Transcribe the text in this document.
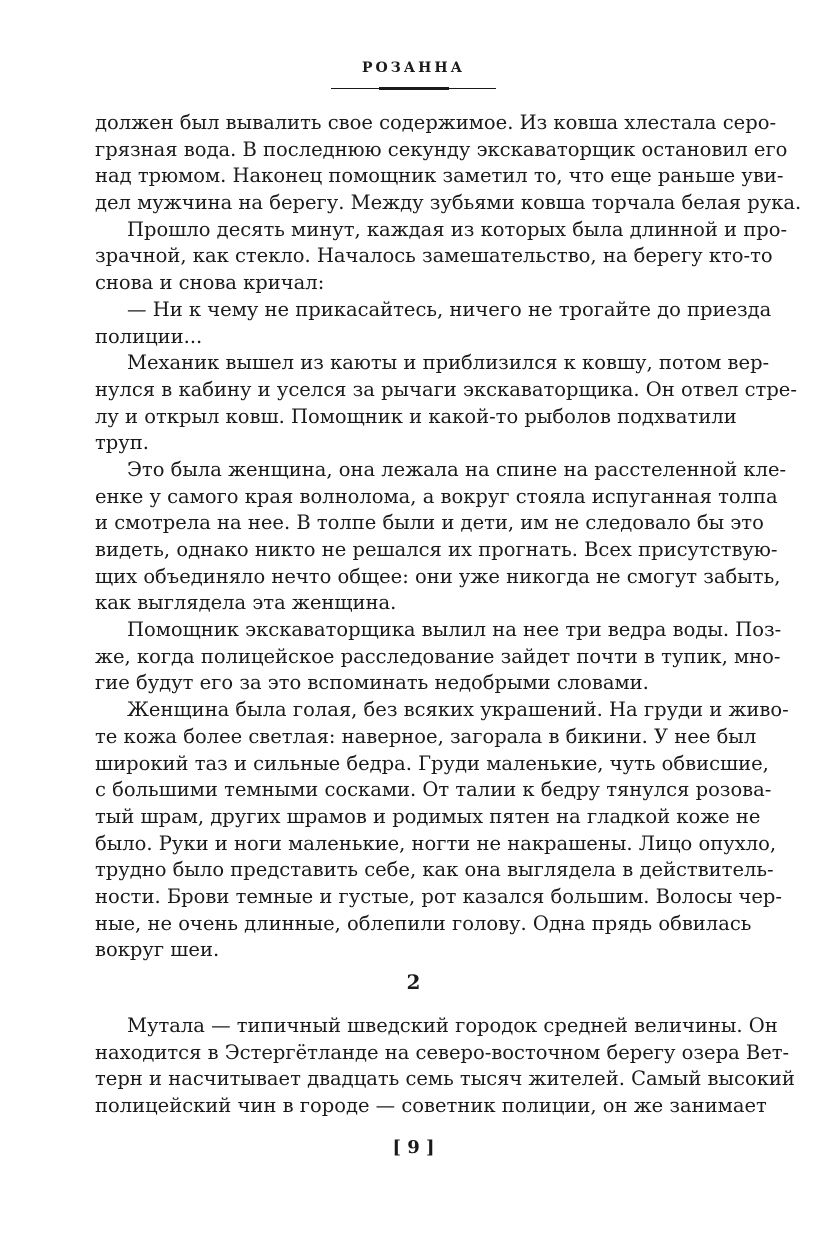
РОЗАННА
должен был вывалить свое содержимое. Из ковша хлестала серо-
грязная вода. В последнюю секунду экскаваторщик остановил его
над трюмом. Наконец помощник заметил то, что еще раньше уви-
дел мужчина на берегу. Между зубьями ковша торчала белая рука.
Прошло десять минут, каждая из которых была длинной и про-
зрачной, как стекло. Началось замешательство, на берегу кто-то
снова и снова кричал:
— Ни к чему не прикасайтесь, ничего не трогайте до приезда
полиции...
Механик вышел из каюты и приблизился к ковшу, потом вер-
нулся в кабину и уселся за рычаги экскаваторщика. Он отвел стре-
лу и открыл ковш. Помощник и какой-то рыболов подхватили
труп.
Это была женщина, она лежала на спине на расстеленной кле-
енке у самого края волнолома, а вокруг стояла испуганная толпа
и смотрела на нее. В толпе были и дети, им не следовало бы это
видеть, однако никто не решался их прогнать. Всех присутствую-
щих объединяло нечто общее: они уже никогда не смогут забыть,
как выглядела эта женщина.
Помощник экскаваторщика вылил на нее три ведра воды. Поз-
же, когда полицейское расследование зайдет почти в тупик, мно-
гие будут его за это вспоминать недобрыми словами.
Женщина была голая, без всяких украшений. На груди и живо-
те кожа более светлая: наверное, загорала в бикини. У нее был
широкий таз и сильные бедра. Груди маленькие, чуть обвисшие,
с большими темными сосками. От талии к бедру тянулся розова-
тый шрам, других шрамов и родимых пятен на гладкой коже не
было. Руки и ноги маленькие, ногти не накрашены. Лицо опухло,
трудно было представить себе, как она выглядела в действитель-
ности. Брови темные и густые, рот казался большим. Волосы чер-
ные, не очень длинные, облепили голову. Одна прядь обвилась
вокруг шеи.
2
Мутала — типичный шведский городок средней величины. Он
находится в Эстергётланде на северо-восточном берегу озера Вет-
терн и насчитывает двадцать семь тысяч жителей. Самый высокий
полицейский чин в городе — советник полиции, он же занимает
[ 9 ]
